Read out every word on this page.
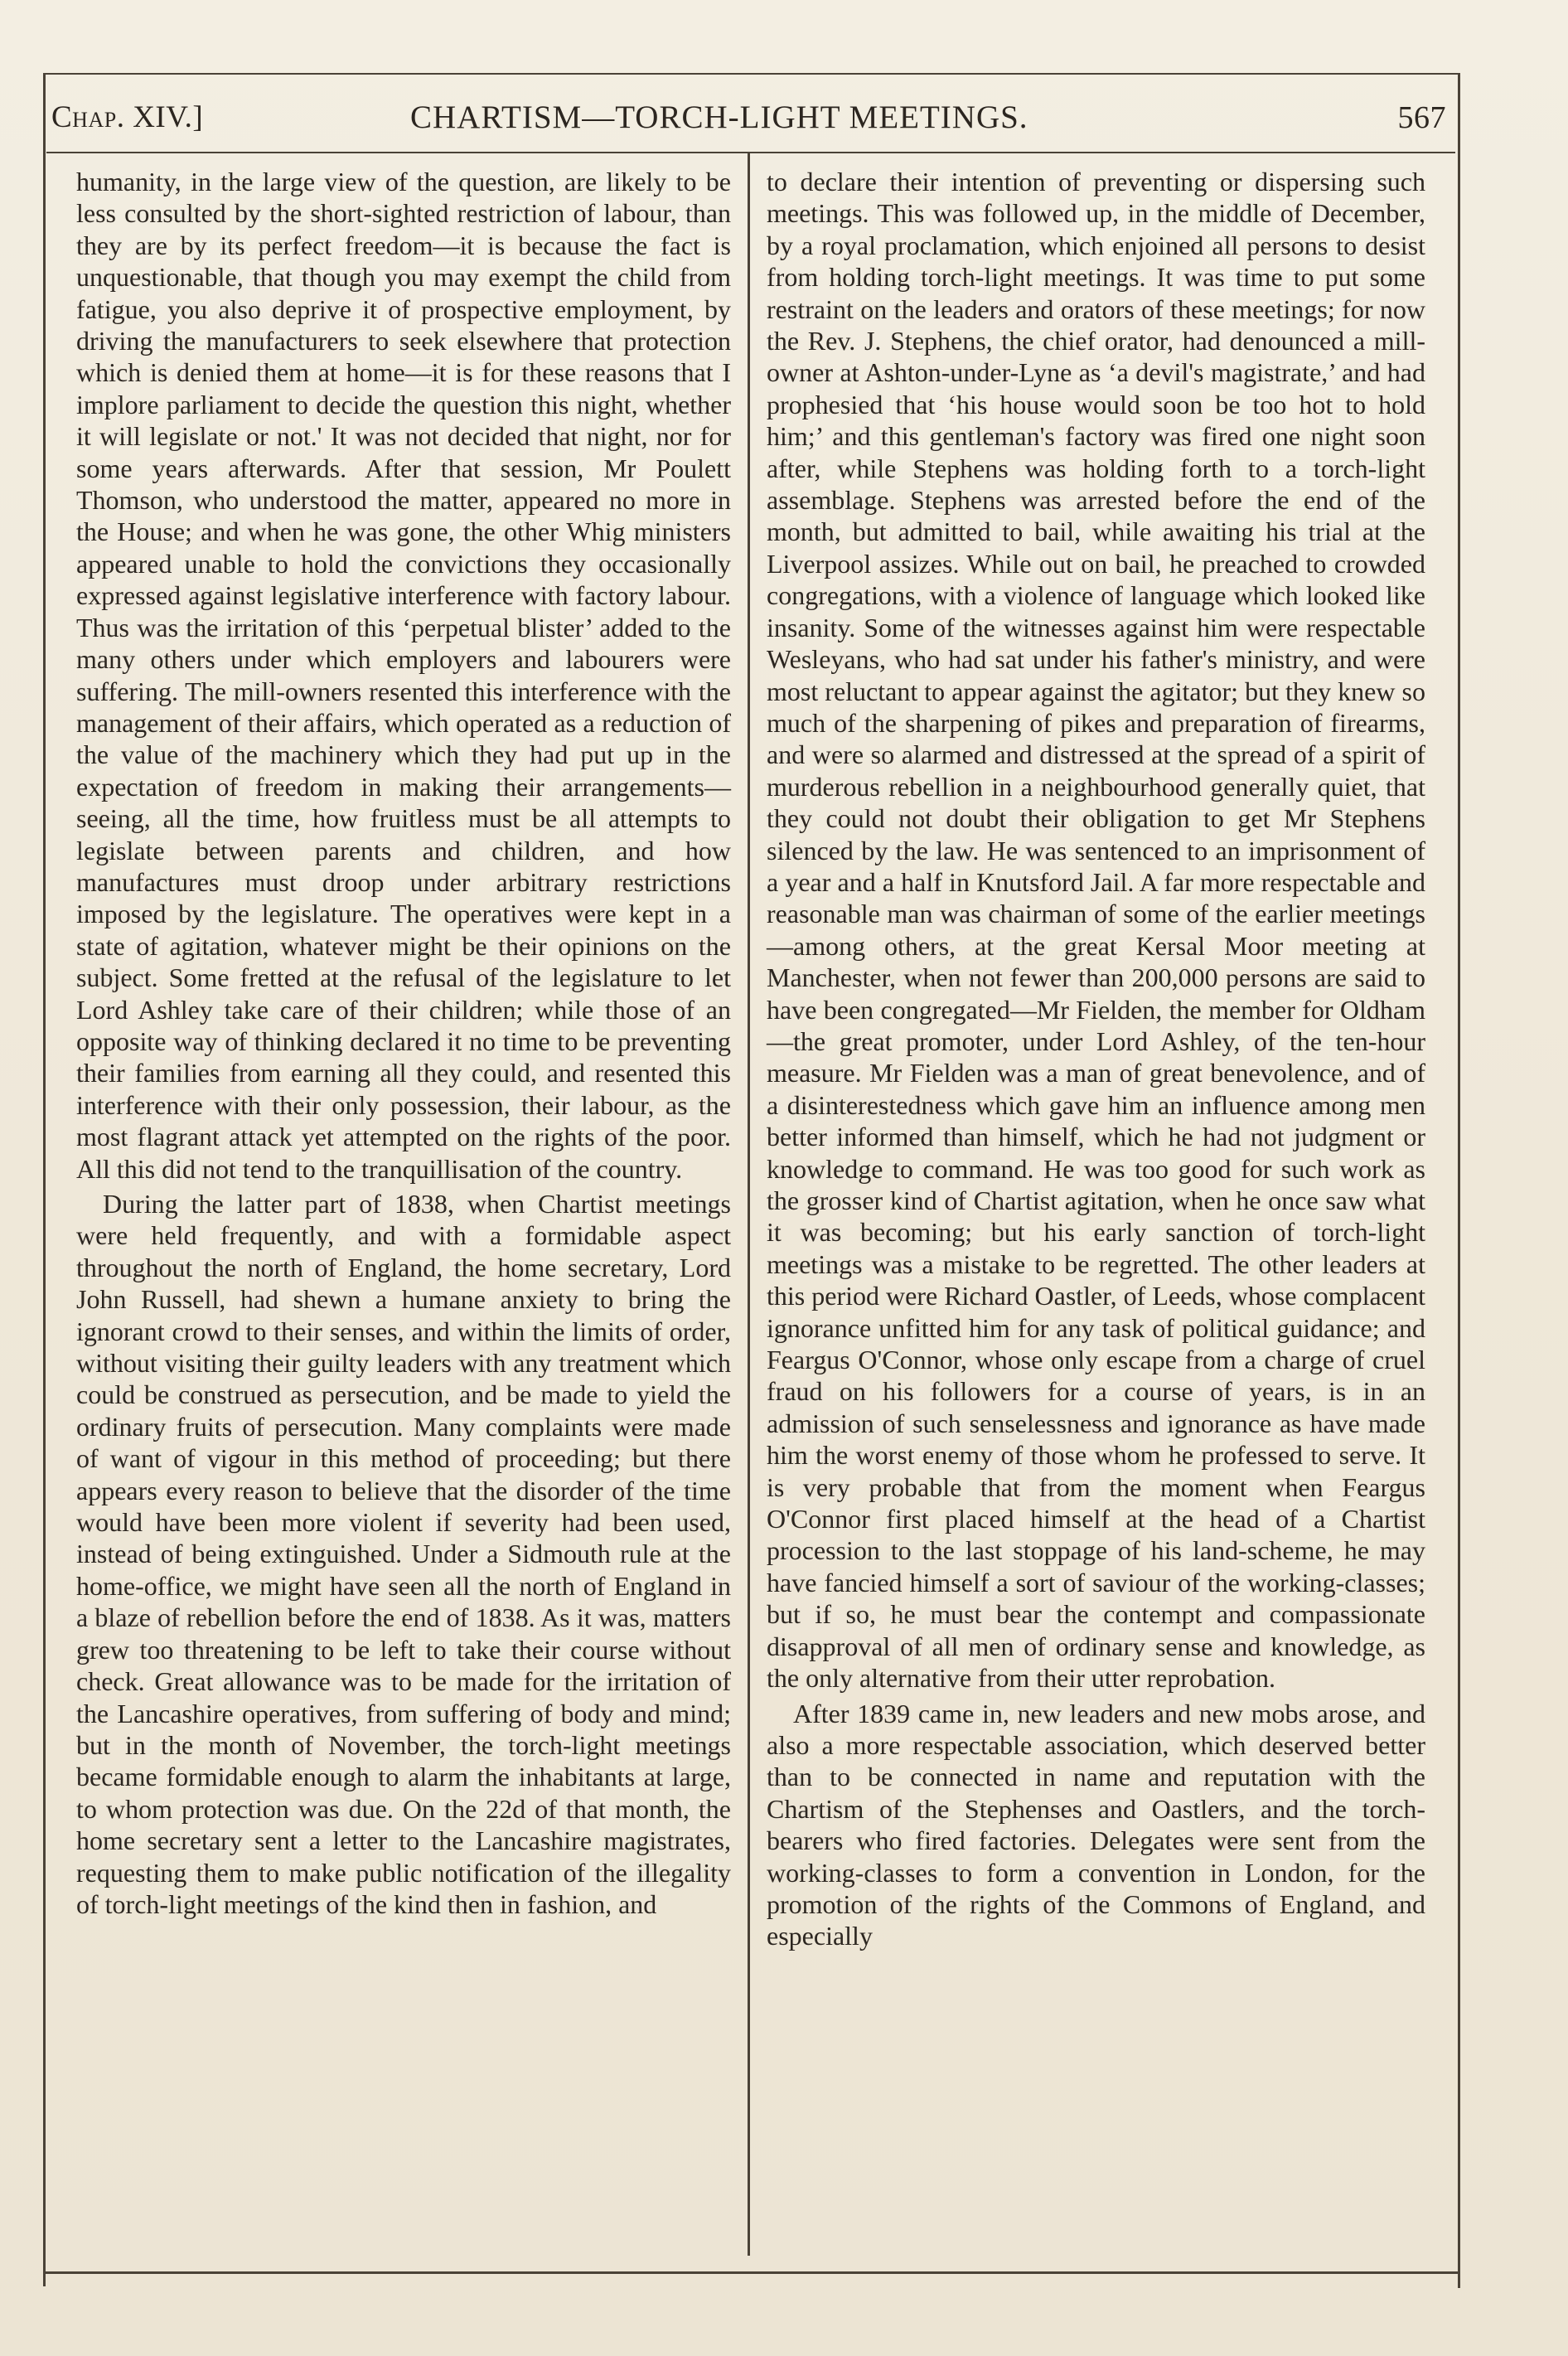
Chap. XIV.]	CHARTISM—TORCH-LIGHT MEETINGS.	567

humanity, in the large view of the question, are likely to be less consulted by the short-sighted restriction of labour, than they are by its perfect freedom—it is because the fact is unquestionable, that though you may exempt the child from fatigue, you also deprive it of prospective employment, by driving the manufacturers to seek elsewhere that protection which is denied them at home—it is for these reasons that I implore parliament to decide the question this night, whether it will legislate or not.' It was not decided that night, nor for some years afterwards. After that session, Mr Poulett Thomson, who understood the matter, appeared no more in the House; and when he was gone, the other Whig ministers appeared unable to hold the convictions they occasionally expressed against legislative interference with factory labour. Thus was the irritation of this ‘perpetual blister’ added to the many others under which employers and labourers were suffering. The mill-owners resented this interference with the management of their affairs, which operated as a reduction of the value of the machinery which they had put up in the expectation of freedom in making their arrangements—seeing, all the time, how fruitless must be all attempts to legislate between parents and children, and how manufactures must droop under arbitrary restrictions imposed by the legislature. The operatives were kept in a state of agitation, whatever might be their opinions on the subject. Some fretted at the refusal of the legislature to let Lord Ashley take care of their children; while those of an opposite way of thinking declared it no time to be preventing their families from earning all they could, and resented this interference with their only possession, their labour, as the most flagrant attack yet attempted on the rights of the poor. All this did not tend to the tranquillisation of the country.

During the latter part of 1838, when Chartist meetings were held frequently, and with a formidable aspect throughout the north of England, the home secretary, Lord John Russell, had shewn a humane anxiety to bring the ignorant crowd to their senses, and within the limits of order, without visiting their guilty leaders with any treatment which could be construed as persecution, and be made to yield the ordinary fruits of persecution. Many complaints were made of want of vigour in this method of proceeding; but there appears every reason to believe that the disorder of the time would have been more violent if severity had been used, instead of being extinguished. Under a Sidmouth rule at the home-office, we might have seen all the north of England in a blaze of rebellion before the end of 1838. As it was, matters grew too threatening to be left to take their course without check. Great allowance was to be made for the irritation of the Lancashire operatives, from suffering of body and mind; but in the month of November, the torch-light meetings became formidable enough to alarm the inhabitants at large, to whom protection was due. On the 22d of that month, the home secretary sent a letter to the Lancashire magistrates, requesting them to make public notification of the illegality of torch-light meetings of the kind then in fashion, and

to declare their intention of preventing or dispersing such meetings. This was followed up, in the middle of December, by a royal proclamation, which enjoined all persons to desist from holding torch-light meetings. It was time to put some restraint on the leaders and orators of these meetings; for now the Rev. J. Stephens, the chief orator, had denounced a mill-owner at Ashton-under-Lyne as ‘a devil's magistrate,’ and had prophesied that ‘his house would soon be too hot to hold him;’ and this gentleman's factory was fired one night soon after, while Stephens was holding forth to a torch-light assemblage. Stephens was arrested before the end of the month, but admitted to bail, while awaiting his trial at the Liverpool assizes. While out on bail, he preached to crowded congregations, with a violence of language which looked like insanity. Some of the witnesses against him were respectable Wesleyans, who had sat under his father's ministry, and were most reluctant to appear against the agitator; but they knew so much of the sharpening of pikes and preparation of firearms, and were so alarmed and distressed at the spread of a spirit of murderous rebellion in a neighbourhood generally quiet, that they could not doubt their obligation to get Mr Stephens silenced by the law. He was sentenced to an imprisonment of a year and a half in Knutsford Jail. A far more respectable and reasonable man was chairman of some of the earlier meetings—among others, at the great Kersal Moor meeting at Manchester, when not fewer than 200,000 persons are said to have been congregated—Mr Fielden, the member for Oldham—the great promoter, under Lord Ashley, of the ten-hour measure. Mr Fielden was a man of great benevolence, and of a disinterestedness which gave him an influence among men better informed than himself, which he had not judgment or knowledge to command. He was too good for such work as the grosser kind of Chartist agitation, when he once saw what it was becoming; but his early sanction of torch-light meetings was a mistake to be regretted. The other leaders at this period were Richard Oastler, of Leeds, whose complacent ignorance unfitted him for any task of political guidance; and Feargus O'Connor, whose only escape from a charge of cruel fraud on his followers for a course of years, is in an admission of such senselessness and ignorance as have made him the worst enemy of those whom he professed to serve. It is very probable that from the moment when Feargus O'Connor first placed himself at the head of a Chartist procession to the last stoppage of his land-scheme, he may have fancied himself a sort of saviour of the working-classes; but if so, he must bear the contempt and compassionate disapproval of all men of ordinary sense and knowledge, as the only alternative from their utter reprobation.

After 1839 came in, new leaders and new mobs arose, and also a more respectable association, which deserved better than to be connected in name and reputation with the Chartism of the Stephenses and Oastlers, and the torch-bearers who fired factories. Delegates were sent from the working-classes to form a convention in London, for the promotion of the rights of the Commons of England, and especially
